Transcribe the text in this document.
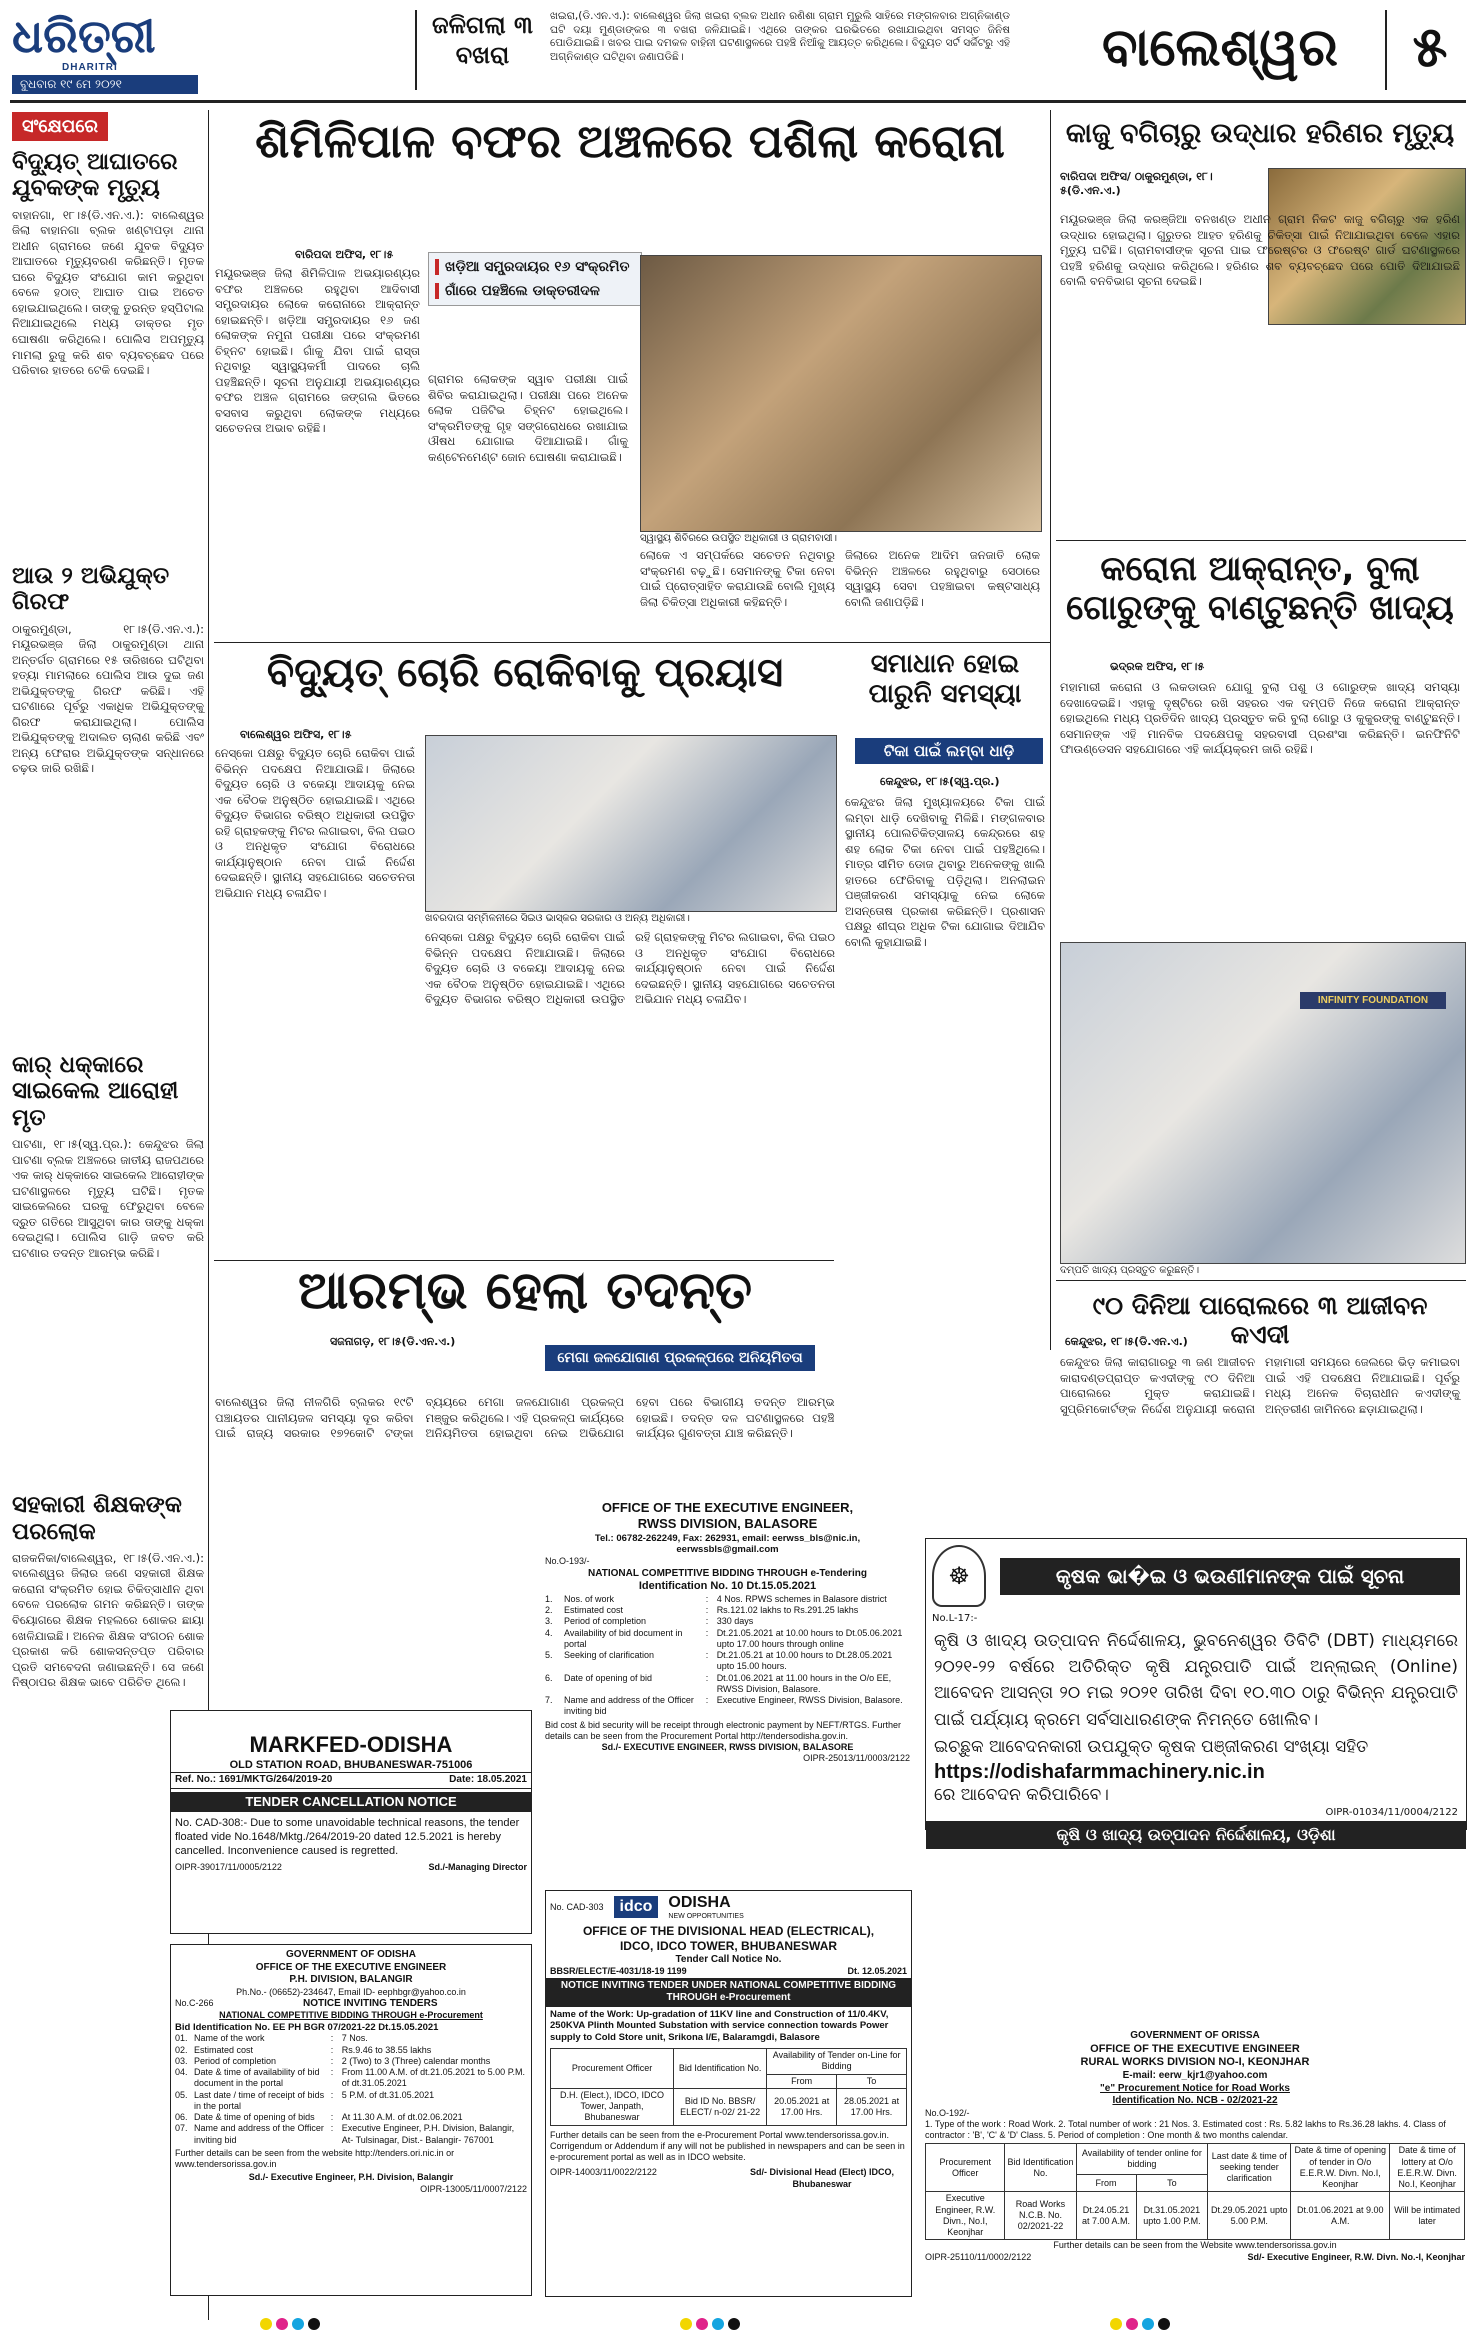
ଧରିତ୍ରୀ
DHARITRI
ବୁଧବାର ୧୯ ମେ ୨୦୨୧
ଜଳିଗଲା ୩ ବଖରା
ଖଇରା,(ଡି.ଏନ.ଏ.): ବାଲେଶ୍ୱର ଜିଲା ଖଇରା ବ୍ଲକ ଅଧୀନ ରଣିଶା ଗ୍ରାମ ମୁରୁଲି ସାହିରେ ମଙ୍ଗଳବାର ଅଗ୍ନିକାଣ୍ଡ ଘଟି ଦୟା ମୁଣ୍ଡାଙ୍କର ୩ ବଖରା ଜଳିଯାଇଛି। ଏଥିରେ ତାଙ୍କର ଘରଭିତରେ ରଖାଯାଇଥିବା ସମସ୍ତ ଜିନିଷ ପୋଡିଯାଇଛି। ଖବର ପାଇ ଦମକଳ ବାହିନୀ ଘଟଣାସ୍ଥଳରେ ପହଞ୍ଚି ନିଆଁକୁ ଆୟତ୍ତ କରିଥିଲେ। ବିଦ୍ୟୁତ ସର୍ଟ ସର୍କିଟରୁ ଏହି ଅଗ୍ନିକାଣ୍ଡ ଘଟିଥିବା ଜଣାପଡିଛି।	ବାଲେଶ୍ୱର	୫
ସଂକ୍ଷେପରେ
ବିଦ୍ୟୁତ୍ ଆଘାତରେ ଯୁବକଙ୍କ ମୃତ୍ୟୁ
ବାହାନଗା, ୧୮।୫(ଡି.ଏନ.ଏ.): ବାଲେଶ୍ୱର ଜିଲା ବାହାନଗା ବ୍ଲକ ଖଣ୍ଟାପଡ଼ା ଥାନା ଅଧୀନ ଗ୍ରାମରେ ଜଣେ ଯୁବକ ବିଦ୍ୟୁତ ଆଘାତରେ ମୃତ୍ୟୁବରଣ କରିଛନ୍ତି। ମୃତକ ଘରେ ବିଦ୍ୟୁତ ସଂଯୋଗ କାମ କରୁଥିବା ବେଳେ ହଠାତ୍ ଆଘାତ ପାଇ ଅଚେତ ହୋଇଯାଇଥିଲେ। ତାଙ୍କୁ ତୁରନ୍ତ ହସ୍ପିଟାଲ ନିଆଯାଇଥିଲେ ମଧ୍ୟ ଡାକ୍ତର ମୃତ ଘୋଷଣା କରିଥିଲେ। ପୋଲିସ ଅପମୃତ୍ୟୁ ମାମଲା ରୁଜୁ କରି ଶବ ବ୍ୟବଚ୍ଛେଦ ପରେ ପରିବାର ହାତରେ ଟେକି ଦେଇଛି।
ଆଉ ୨ ଅଭିଯୁକ୍ତ ଗିରଫ
ଠାକୁରମୁଣ୍ଡା, ୧୮।୫(ଡି.ଏନ.ଏ.): ମୟୂରଭଞ୍ଜ ଜିଲା ଠାକୁରମୁଣ୍ଡା ଥାନା ଅନ୍ତର୍ଗତ ଗ୍ରାମରେ ୧୫ ତାରିଖରେ ଘଟିଥିବା ହତ୍ୟା ମାମଲାରେ ପୋଲିସ ଆଉ ଦୁଇ ଜଣ ଅଭିଯୁକ୍ତଙ୍କୁ ଗିରଫ କରିଛି। ଏହି ଘଟଣାରେ ପୂର୍ବରୁ ଏକାଧିକ ଅଭିଯୁକ୍ତଙ୍କୁ ଗିରଫ କରାଯାଇଥିଲା। ପୋଲିସ ଅଭିଯୁକ୍ତଙ୍କୁ ଅଦାଲତ ଚାଲାଣ କରିଛି ଏବଂ ଅନ୍ୟ ଫେରାର ଅଭିଯୁକ୍ତଙ୍କ ସନ୍ଧାନରେ ଚଢ଼ଉ ଜାରି ରଖିଛି।
କାର୍ ଧକ୍କାରେ ସାଇକେଲ ଆରୋହୀ ମୃତ
ପାଟଣା, ୧୮।୫(ସ୍ୱ.ପ୍ର.): କେନ୍ଦୁଝର ଜିଲା ପାଟଣା ବ୍ଲକ ଅଞ୍ଚଳରେ ଜାତୀୟ ରାଜପଥରେ ଏକ କାର୍ ଧକ୍କାରେ ସାଇକେଲ ଆରୋହୀଙ୍କ ଘଟଣାସ୍ଥଳରେ ମୃତ୍ୟୁ ଘଟିଛି। ମୃତକ ସାଇକେଲରେ ଘରକୁ ଫେରୁଥିବା ବେଳେ ଦ୍ରୁତ ଗତିରେ ଆସୁଥିବା କାର ତାଙ୍କୁ ଧକ୍କା ଦେଇଥିଲା। ପୋଲିସ ଗାଡ଼ି ଜବତ କରି ଘଟଣାର ତଦନ୍ତ ଆରମ୍ଭ କରିଛି।
ସହକାରୀ ଶିକ୍ଷକଙ୍କ ପରଲୋକ
ରାଜକନିକା/ବାଲେଶ୍ୱର, ୧୮।୫(ଡି.ଏନ.ଏ.): ବାଲେଶ୍ୱର ଜିଲାର ଜଣେ ସହକାରୀ ଶିକ୍ଷକ କରୋନା ସଂକ୍ରମିତ ହୋଇ ଚିକିତ୍ସାଧୀନ ଥିବା ବେଳେ ପରଲୋକ ଗମନ କରିଛନ୍ତି। ତାଙ୍କ ବିୟୋଗରେ ଶିକ୍ଷକ ମହଲରେ ଶୋକର ଛାୟା ଖେଳିଯାଇଛି। ଅନେକ ଶିକ୍ଷକ ସଂଗଠନ ଶୋକ ପ୍ରକାଶ କରି ଶୋକସନ୍ତପ୍ତ ପରିବାର ପ୍ରତି ସମବେଦନା ଜଣାଇଛନ୍ତି। ସେ ଜଣେ ନିଷ୍ଠାପର ଶିକ୍ଷକ ଭାବେ ପରିଚିତ ଥିଲେ।
ଶିମିଳିପାଳ ବଫର ଅଞ୍ଚଳରେ ପଶିଲା କରୋନା
ବାରିପଦା ଅଫିସ, ୧୮।୫
ମୟୂରଭଞ୍ଜ ଜିଲା ଶିମିଳିପାଳ ଅଭୟାରଣ୍ୟର ବଫର ଅଞ୍ଚଳରେ ରହୁଥିବା ଆଦିବାସୀ ସମ୍ପ୍ରଦାୟର ଲୋକେ କରୋନାରେ ଆକ୍ରାନ୍ତ ହୋଇଛନ୍ତି। ଖଡ଼ିଆ ସମ୍ପ୍ରଦାୟର ୧୬ ଜଣ ଲୋକଙ୍କ ନମୁନା ପରୀକ୍ଷା ପରେ ସଂକ୍ରମଣ ଚିହ୍ନଟ ହୋଇଛି। ଗାଁକୁ ଯିବା ପାଇଁ ରାସ୍ତା ନଥିବାରୁ ସ୍ୱାସ୍ଥ୍ୟକର୍ମୀ ପାଦରେ ଚାଲି ପହଞ୍ଚିଛନ୍ତି। ସୂଚନା ଅନୁଯାୟୀ ଅଭୟାରଣ୍ୟର ବଫର ଅଞ୍ଚଳ ଗ୍ରାମରେ ଜଙ୍ଗଲ ଭିତରେ ବସବାସ କରୁଥିବା ଲୋକଙ୍କ ମଧ୍ୟରେ ସଚେତନତା ଅଭାବ ରହିଛି।
ଖଡ଼ିଆ ସମ୍ପ୍ରଦାୟର ୧୬ ସଂକ୍ରମିତ
ଗାଁରେ ପହଞ୍ଚିଲେ ଡାକ୍ତରୀଦଳ
ଗ୍ରାମର ଲୋକଙ୍କ ସ୍ୱାବ ପରୀକ୍ଷା ପାଇଁ ଶିବିର କରାଯାଇଥିଲା। ପରୀକ୍ଷା ପରେ ଅନେକ ଲୋକ ପଜିଟିଭ ଚିହ୍ନଟ ହୋଇଥିଲେ। ସଂକ୍ରମିତଙ୍କୁ ଗୃହ ସଙ୍ଗରୋଧରେ ରଖାଯାଇ ଔଷଧ ଯୋଗାଇ ଦିଆଯାଇଛି। ଗାଁକୁ କଣ୍ଟେନମେଣ୍ଟ ଜୋନ ଘୋଷଣା କରାଯାଇଛି।
ସ୍ୱାସ୍ଥ୍ୟ ଶିବିରରେ ଉପସ୍ଥିତ ଅଧିକାରୀ ଓ ଗ୍ରାମବାସୀ।
ଲୋକେ ଏ ସମ୍ପର୍କରେ ସଚେତନ ନଥିବାରୁ ସଂକ୍ରମଣ ବଢ଼ୁଛି। ସେମାନଙ୍କୁ ଟିକା ନେବା ପାଇଁ ପ୍ରୋତ୍ସାହିତ କରାଯାଉଛି ବୋଲି ମୁଖ୍ୟ ଜିଲା ଚିକିତ୍ସା ଅଧିକାରୀ କହିଛନ୍ତି।
ଜିଲାରେ ଅନେକ ଆଦିମ ଜନଜାତି ଲୋକ ବିଭିନ୍ନ ଅଞ୍ଚଳରେ ରହୁଥିବାରୁ ସେଠାରେ ସ୍ୱାସ୍ଥ୍ୟ ସେବା ପହଞ୍ଚାଇବା କଷ୍ଟସାଧ୍ୟ ବୋଲି ଜଣାପଡ଼ିଛି।
କାଜୁ ବଗିଚାରୁ ଉଦ୍ଧାର ହରିଣର ମୃତ୍ୟୁ
ବାରିପଦା ଅଫିସ/ ଠାକୁରମୁଣ୍ଡା, ୧୮।୫(ଡି.ଏନ.ଏ.)
ମୟୂରଭଞ୍ଜ ଜିଲା କରଞ୍ଜିଆ ବନଖଣ୍ଡ ଅଧୀନ ଗ୍ରାମ ନିକଟ କାଜୁ ବଗିଚାରୁ ଏକ ହରିଣ ଉଦ୍ଧାର ହୋଇଥିଲା। ଗୁରୁତର ଆହତ ହରିଣକୁ ଚିକିତ୍ସା ପାଇଁ ନିଆଯାଇଥିବା ବେଳେ ଏହାର ମୃତ୍ୟୁ ଘଟିଛି। ଗ୍ରାମବାସୀଙ୍କ ସୂଚନା ପାଇ ଫରେଷ୍ଟର ଓ ଫରେଷ୍ଟ ଗାର୍ଡ ଘଟଣାସ୍ଥଳରେ ପହଞ୍ଚି ହରିଣକୁ ଉଦ୍ଧାର କରିଥିଲେ। ହରିଣର ଶବ ବ୍ୟବଚ୍ଛେଦ ପରେ ପୋତି ଦିଆଯାଇଛି ବୋଲି ବନବିଭାଗ ସୂଚନା ଦେଇଛି।
କରୋନା ଆକ୍ରାନ୍ତ, ବୁଲା ଗୋରୁଙ୍କୁ ବାଣ୍ଟୁଛନ୍ତି ଖାଦ୍ୟ
ଭଦ୍ରକ ଅଫିସ, ୧୮।୫
ମହାମାରୀ କରୋନା ଓ ଲକଡାଉନ ଯୋଗୁ ବୁଲା ପଶୁ ଓ ଗୋରୁଙ୍କ ଖାଦ୍ୟ ସମସ୍ୟା ଦେଖାଦେଇଛି। ଏହାକୁ ଦୃଷ୍ଟିରେ ରଖି ସହରର ଏକ ଦମ୍ପତି ନିଜେ କରୋନା ଆକ୍ରାନ୍ତ ହୋଇଥିଲେ ମଧ୍ୟ ପ୍ରତିଦିନ ଖାଦ୍ୟ ପ୍ରସ୍ତୁତ କରି ବୁଲା ଗୋରୁ ଓ କୁକୁରଙ୍କୁ ବାଣ୍ଟୁଛନ୍ତି। ସେମାନଙ୍କ ଏହି ମାନବିକ ପଦକ୍ଷେପକୁ ସହରବାସୀ ପ୍ରଶଂସା କରିଛନ୍ତି। ଇନଫିନିଟି ଫାଉଣ୍ଡେସନ ସହଯୋଗରେ ଏହି କାର୍ଯ୍ୟକ୍ରମ ଜାରି ରହିଛି।
INFINITY FOUNDATION
ଦମ୍ପତି ଖାଦ୍ୟ ପ୍ରସ୍ତୁତ କରୁଛନ୍ତି।
ବିଦ୍ୟୁତ୍ ଚୋରି ରୋକିବାକୁ ପ୍ରୟାସ
ବାଲେଶ୍ୱର ଅଫିସ, ୧୮।୫
ନେସ୍କୋ ପକ୍ଷରୁ ବିଦ୍ୟୁତ ଚୋରି ରୋକିବା ପାଇଁ ବିଭିନ୍ନ ପଦକ୍ଷେପ ନିଆଯାଉଛି। ଜିଲାରେ ବିଦ୍ୟୁତ ଚୋରି ଓ ବକେୟା ଆଦାୟକୁ ନେଇ ଏକ ବୈଠକ ଅନୁଷ୍ଠିତ ହୋଇଯାଇଛି। ଏଥିରେ ବିଦ୍ୟୁତ ବିଭାଗର ବରିଷ୍ଠ ଅଧିକାରୀ ଉପସ୍ଥିତ ରହି ଗ୍ରାହକଙ୍କୁ ମିଟର ଲଗାଇବା, ବିଲ ପଇଠ ଓ ଅନଧିକୃତ ସଂଯୋଗ ବିରୋଧରେ କାର୍ଯ୍ୟାନୁଷ୍ଠାନ ନେବା ପାଇଁ ନିର୍ଦ୍ଦେଶ ଦେଇଛନ୍ତି। ସ୍ଥାନୀୟ ସହଯୋଗରେ ସଚେତନତା ଅଭିଯାନ ମଧ୍ୟ ଚଳାଯିବ।
ଖବରଦାତା ସମ୍ମିଳନୀରେ ସିଇଓ ଭାସ୍କର ସରକାର ଓ ଅନ୍ୟ ଅଧିକାରୀ।
ନେସ୍କୋ ପକ୍ଷରୁ ବିଦ୍ୟୁତ ଚୋରି ରୋକିବା ପାଇଁ ବିଭିନ୍ନ ପଦକ୍ଷେପ ନିଆଯାଉଛି। ଜିଲାରେ ବିଦ୍ୟୁତ ଚୋରି ଓ ବକେୟା ଆଦାୟକୁ ନେଇ ଏକ ବୈଠକ ଅନୁଷ୍ଠିତ ହୋଇଯାଇଛି। ଏଥିରେ ବିଦ୍ୟୁତ ବିଭାଗର ବରିଷ୍ଠ ଅଧିକାରୀ ଉପସ୍ଥିତ ରହି ଗ୍ରାହକଙ୍କୁ ମିଟର ଲଗାଇବା, ବିଲ ପଇଠ ଓ ଅନଧିକୃତ ସଂଯୋଗ ବିରୋଧରେ କାର୍ଯ୍ୟାନୁଷ୍ଠାନ ନେବା ପାଇଁ ନିର୍ଦ୍ଦେଶ ଦେଇଛନ୍ତି। ସ୍ଥାନୀୟ ସହଯୋଗରେ ସଚେତନତା ଅଭିଯାନ ମଧ୍ୟ ଚଳାଯିବ।
ସମାଧାନ ହୋଇ ପାରୁନି ସମସ୍ୟା
ଟିକା ପାଇଁ ଲମ୍ବା ଧାଡ଼ି
କେନ୍ଦୁଝର, ୧୮।୫(ସ୍ୱ.ପ୍ର.)
କେନ୍ଦୁଝର ଜିଲା ମୁଖ୍ୟାଳୟରେ ଟିକା ପାଇଁ ଲମ୍ବା ଧାଡ଼ି ଦେଖିବାକୁ ମିଳିଛି। ମଙ୍ଗଳବାର ସ୍ଥାନୀୟ ପୋଲଚିକିତ୍ସାଳୟ କେନ୍ଦ୍ରରେ ଶହ ଶହ ଲୋକ ଟିକା ନେବା ପାଇଁ ପହଞ୍ଚିଥିଲେ। ମାତ୍ର ସୀମିତ ଡୋଜ ଥିବାରୁ ଅନେକଙ୍କୁ ଖାଲି ହାତରେ ଫେରିବାକୁ ପଡ଼ିଥିଲା। ଅନଲାଇନ ପଞ୍ଜୀକରଣ ସମସ୍ୟାକୁ ନେଇ ଲୋକେ ଅସନ୍ତୋଷ ପ୍ରକାଶ କରିଛନ୍ତି। ପ୍ରଶାସନ ପକ୍ଷରୁ ଶୀଘ୍ର ଅଧିକ ଟିକା ଯୋଗାଇ ଦିଆଯିବ ବୋଲି କୁହାଯାଇଛି।
ଆରମ୍ଭ ହେଲା ତଦନ୍ତ
ସଜନାଗଡ଼, ୧୮।୫(ଡି.ଏନ.ଏ.)
ମେଗା ଜଳଯୋଗାଣ ପ୍ରକଳ୍ପରେ ଅନିୟମିତତା
ବାଲେଶ୍ୱର ଜିଲା ନୀଳଗିରି ବ୍ଲକର ୧୯ଟି ପଞ୍ଚାୟତର ପାନୀୟଜଳ ସମସ୍ୟା ଦୂର କରିବା ପାଇଁ ରାଜ୍ୟ ସରକାର ୧୭୨କୋଟି ଟଙ୍କା ବ୍ୟୟରେ ମେଗା ଜଳଯୋଗାଣ ପ୍ରକଳ୍ପ ମଞ୍ଜୁର କରିଥିଲେ। ଏହି ପ୍ରକଳ୍ପ କାର୍ଯ୍ୟରେ ଅନିୟମିତତା ହୋଇଥିବା ନେଇ ଅଭିଯୋଗ ହେବା ପରେ ବିଭାଗୀୟ ତଦନ୍ତ ଆରମ୍ଭ ହୋଇଛି। ତଦନ୍ତ ଦଳ ଘଟଣାସ୍ଥଳରେ ପହଞ୍ଚି କାର୍ଯ୍ୟର ଗୁଣବତ୍ତା ଯାଞ୍ଚ କରିଛନ୍ତି।
୯୦ ଦିନିଆ ପାରୋଲରେ ୩ ଆଜୀବନ କଏଦୀ
କେନ୍ଦୁଝର, ୧୮।୫(ଡି.ଏନ.ଏ.)
କେନ୍ଦୁଝର ଜିଲା କାରାଗାରରୁ ୩ ଜଣ ଆଜୀବନ କାରାଦଣ୍ଡପ୍ରାପ୍ତ କଏଦୀଙ୍କୁ ୯୦ ଦିନିଆ ପାରୋଲରେ ମୁକ୍ତ କରାଯାଇଛି। ସୁପ୍ରିମକୋର୍ଟଙ୍କ ନିର୍ଦ୍ଦେଶ ଅନୁଯାୟୀ କରୋନା ମହାମାରୀ ସମୟରେ ଜେଲରେ ଭିଡ଼ କମାଇବା ପାଇଁ ଏହି ପଦକ୍ଷେପ ନିଆଯାଇଛି। ପୂର୍ବରୁ ମଧ୍ୟ ଅନେକ ବିଚାରାଧୀନ କଏଦୀଙ୍କୁ ଅନ୍ତରୀଣ ଜାମିନରେ ଛଡ଼ାଯାଇଥିଲା।
MARKFED-ODISHA
OLD STATION ROAD, BHUBANESWAR-751006
Ref. No.: 1691/MKTG/264/2019-20	Date: 18.05.2021
TENDER CANCELLATION NOTICE
No. CAD-308:- Due to some unavoidable technical reasons, the tender floated vide No.1648/Mktg./264/2019-20 dated 12.5.2021 is hereby cancelled. Inconvenience caused is regretted.
OIPR-39017/11/0005/2122	Sd./-Managing Director
GOVERNMENT OF ODISHA
OFFICE OF THE EXECUTIVE ENGINEER
P.H. DIVISION, BALANGIR
Ph.No.- (06652)-234647, Email ID- eephbgr@yahoo.co.in
No.C-266	NOTICE INVITING TENDERS
NATIONAL COMPETITIVE BIDDING THROUGH e-Procurement
Bid Identification No. EE PH BGR 07/2021-22 Dt.15.05.2021
01. Name of the work	: 7 Nos.
02. Estimated cost	: Rs.9.46 to 38.55 lakhs
03. Period of completion	: 2 (Two) to 3 (Three) calendar months
04. Date & time of availability of bid document in the portal
: From 11.00 A.M. of dt.21.05.2021 to 5.00 P.M. of dt.31.05.2021
05. Last date / time of receipt of bids in the portal
: 5 P.M. of dt.31.05.2021
06. Date & time of opening of bids	: At 11.30 A.M. of dt.02.06.2021
07. Name and address of the Officer inviting bid
: Executive Engineer, P.H. Division, Balangir, At- Tulsinagar, Dist.- Balangir- 767001
Further details can be seen from the website http://tenders.ori.nic.in or www.tendersorissa.gov.in
Sd./- Executive Engineer, P.H. Division, Balangir
OIPR-13005/11/0007/2122
OFFICE OF THE EXECUTIVE ENGINEER,
RWSS DIVISION, BALASORE
Tel.: 06782-262249, Fax: 262931, email: eerwss_bls@nic.in, eerwssbls@gmail.com
No.O-193/-
NATIONAL COMPETITIVE BIDDING THROUGH e-Tendering
Identification No. 10 Dt.15.05.2021
1.	Nos. of work	: 4 Nos. RPWS schemes in Balasore district
2.	Estimated cost	: Rs.121.02 lakhs to Rs.291.25 lakhs
3.	Period of completion	: 330 days
4.	Availability of bid document in portal
: Dt.21.05.2021 at 10.00 hours to Dt.05.06.2021 upto 17.00 hours through online
5.	Seeking of clarification	: Dt.21.05.21 at 10.00 hours to Dt.28.05.2021 upto 15.00 hours.
6.	Date of opening of bid	: Dt.01.06.2021 at 11.00 hours in the O/o EE, RWSS Division, Balasore.
7.	Name and address of the Officer inviting bid
: Executive Engineer, RWSS Division, Balasore.
Bid cost & bid security will be receipt through electronic payment by NEFT/RTGS. Further details can be seen from the Procurement Portal http://tendersodisha.gov.in.
Sd./- EXECUTIVE ENGINEER, RWSS DIVISION, BALASORE
OIPR-25013/11/0003/2122
No. CAD-303	idco	ODISHA
NEW OPPORTUNITIES
OFFICE OF THE DIVISIONAL HEAD (ELECTRICAL),
IDCO, IDCO TOWER, BHUBANESWAR
Tender Call Notice No.
BBSR/ELECT/E-4031/18-19 1199	Dt. 12.05.2021
NOTICE INVITING TENDER UNDER NATIONAL COMPETITIVE BIDDING THROUGH e-Procurement
Name of the Work: Up-gradation of 11KV line and Construction of 11/0.4KV, 250KVA Plinth Mounted Substation with service connection towards Power supply to Cold Store unit, Srikona I/E, Balaramgdi, Balasore
Procurement Officer	Bid Identification No.	Availability of Tender on-Line for Bidding	
		From	To
D.H. (Elect.), IDCO, IDCO Tower, Janpath, Bhubaneswar	Bid ID No. BBSR/ ELECT/ n-02/ 21-22	20.05.2021 at 17.00 Hrs.	28.05.2021 at 17.00 Hrs.
Further details can be seen from the e-Procurement Portal www.tendersorissa.gov.in. Corrigendum or Addendum if any will not be published in newspapers and can be seen in e-procurement portal as well as in IDCO website.
OIPR-14003/11/0022/2122	Sd/- Divisional Head (Elect) IDCO, Bhubaneswar
☸	କୃଷକ ଭା�ଇ ଓ ଭଉଣୀମାନଙ୍କ ପାଇଁ ସୂଚନା
No.L-17:-
କୃଷି ଓ ଖାଦ୍ୟ ଉତ୍ପାଦନ ନିର୍ଦ୍ଦେଶାଳୟ, ଭୁବନେଶ୍ୱର ଡିବିଟି (DBT) ମାଧ୍ୟମରେ ୨୦୨୧-୨୨ ବର୍ଷରେ ଅତିରିକ୍ତ କୃଷି ଯନ୍ତ୍ରପାତି ପାଇଁ ଅନ୍‌ଲାଇନ୍ (Online) ଆବେଦନ ଆସନ୍ତା ୨୦ ମଇ ୨୦୨୧ ତାରିଖ ଦିବା ୧୦.୩୦ ଠାରୁ ବିଭିନ୍ନ ଯନ୍ତ୍ରପାତି ପାଇଁ ପର୍ଯ୍ୟାୟ କ୍ରମେ ସର୍ବସାଧାରଣଙ୍କ ନିମନ୍ତେ ଖୋଲିବ।
ଇଚ୍ଛୁକ ଆବେଦନକାରୀ ଉପଯୁକ୍ତ କୃଷକ ପଞ୍ଜୀକରଣ ସଂଖ୍ୟା ସହିତ
https://odishafarmmachinery.nic.in
ରେ ଆବେଦନ କରିପାରିବେ।
OIPR-01034/11/0004/2122
କୃଷି ଓ ଖାଦ୍ୟ ଉତ୍ପାଦନ ନିର୍ଦ୍ଦେଶାଳୟ, ଓଡ଼ିଶା
GOVERNMENT OF ORISSA
OFFICE OF THE EXECUTIVE ENGINEER
RURAL WORKS DIVISION NO-I, KEONJHAR
E-mail: eerw_kjr1@yahoo.com
"e" Procurement Notice for Road Works
Identification No. NCB - 02/2021-22
No.O-192/-
1. Type of the work : Road Work. 2. Total number of work : 21 Nos. 3. Estimated cost : Rs. 5.82 lakhs to Rs.36.28 lakhs. 4. Class of contractor : 'B', 'C' & 'D' Class. 5. Period of completion : One month & two months calendar.
Procurement Officer	Bid Identification No.	Availability of tender online for bidding		Last date & time of seeking tender clarification	Date & time of opening of tender in O/o E.E.R.W. Divn. No.I, Keonjhar	Date & time of lottery at O/o E.E.R.W. Divn. No.I, Keonjhar
		From	To			
Executive Engineer, R.W. Divn., No.I, Keonjhar	Road Works N.C.B. No. 02/2021-22	Dt.24.05.21 at 7.00 A.M.	Dt.31.05.2021 upto 1.00 P.M.	Dt.29.05.2021 upto 5.00 P.M.	Dt.01.06.2021 at 9.00 A.M.	Will be intimated later
Further details can be seen from the Website www.tendersorissa.gov.in
OIPR-25110/11/0002/2122	Sd/- Executive Engineer, R.W. Divn. No.-I, Keonjhar
